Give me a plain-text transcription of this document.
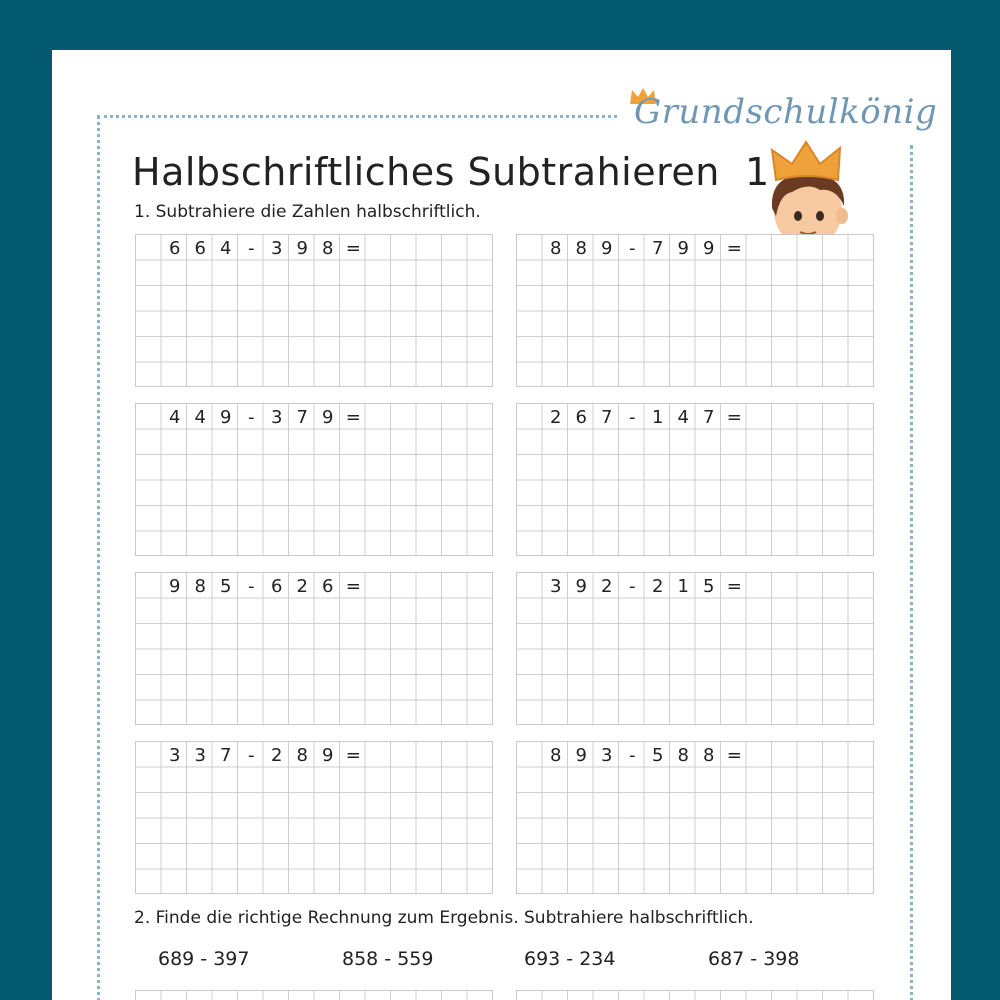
Grundschulkönig
Halbschriftliches Subtrahieren  1
1. Subtrahiere die Zahlen halbschriftlich.
6 6 4 - 3 9 8 =	8 8 9 - 7 9 9 =
4 4 9 - 3 7 9 =	2 6 7 - 1 4 7 =
9 8 5 - 6 2 6 =	3 9 2 - 2 1 5 =
3 3 7 - 2 8 9 =	8 9 3 - 5 8 8 =
2. Finde die richtige Rechnung zum Ergebnis. Subtrahiere halbschriftlich.
689 - 397	858 - 559	693 - 234	687 - 398
